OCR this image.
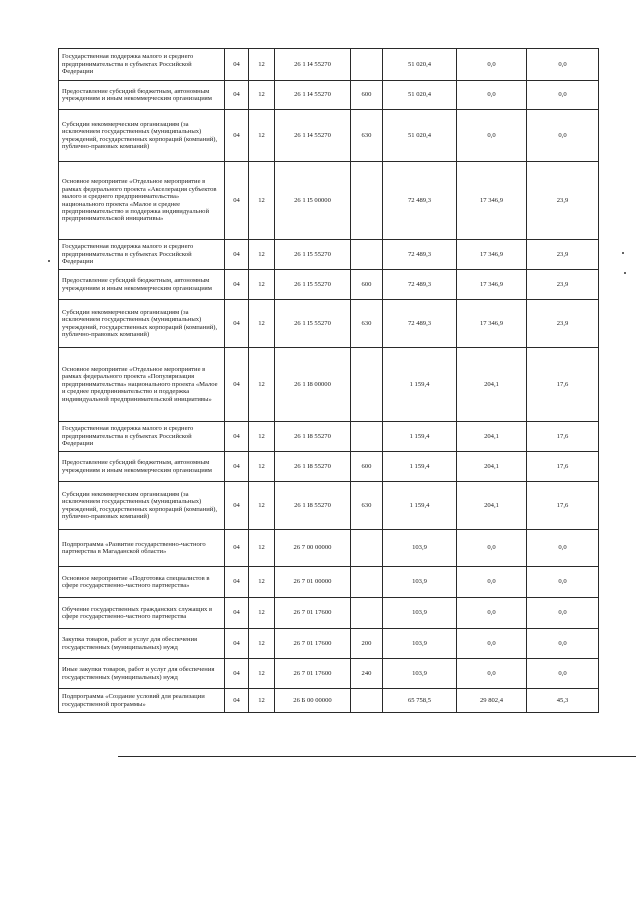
Государственная поддержка малого и среднего предпринимательства в субъектах Российской Федерации	04	12	26 1 I4 55270		51 020,4	0,0	0,0
Предоставление субсидий бюджетным, автономным учреждениям и иным некоммерческим организациям	04	12	26 1 I4 55270	600	51 020,4	0,0	0,0
Субсидии некоммерческим организациям (за исключением государственных (муниципальных) учреждений, государственных корпораций (компаний), публично-правовых компаний)	04	12	26 1 I4 55270	630	51 020,4	0,0	0,0
Основное мероприятие «Отдельное мероприятие в рамках федерального проекта «Акселерация субъектов малого и среднего предпринимательства» национального проекта «Малое и среднее предпринимательство и поддержка индивидуальной предпринимательской инициативы»	04	12	26 1 I5 00000		72 489,3	17 346,9	23,9
Государственная поддержка малого и среднего предпринимательства в субъектах Российской Федерации	04	12	26 1 I5 55270		72 489,3	17 346,9	23,9
Предоставление субсидий бюджетным, автономным учреждениям и иным некоммерческим организациям	04	12	26 1 I5 55270	600	72 489,3	17 346,9	23,9
Субсидии некоммерческим организациям (за исключением государственных (муниципальных) учреждений, государственных корпораций (компаний), публично-правовых компаний)	04	12	26 1 I5 55270	630	72 489,3	17 346,9	23,9
Основное мероприятие «Отдельное мероприятие в рамках федерального проекта «Популяризация предпринимательства» национального проекта «Малое и среднее предпринимательство и поддержка индивидуальной предпринимательской инициативы»	04	12	26 1 I8 00000		1 159,4	204,1	17,6
Государственная поддержка малого и среднего предпринимательства в субъектах Российской Федерации	04	12	26 1 I8 55270		1 159,4	204,1	17,6
Предоставление субсидий бюджетным, автономным учреждениям и иным некоммерческим организациям	04	12	26 1 I8 55270	600	1 159,4	204,1	17,6
Субсидии некоммерческим организациям (за исключением государственных (муниципальных) учреждений, государственных корпораций (компаний), публично-правовых компаний)	04	12	26 1 I8 55270	630	1 159,4	204,1	17,6
Подпрограмма «Развитие государственно-частного партнерства в Магаданской области»	04	12	26 7 00 00000		103,9	0,0	0,0
Основное мероприятие «Подготовка специалистов в сфере государственно-частного партнерства»	04	12	26 7 01 00000		103,9	0,0	0,0
Обучение государственных гражданских служащих в сфере государственно-частного партнерства	04	12	26 7 01 17600		103,9	0,0	0,0
Закупка товаров, работ и услуг для обеспечения государственных (муниципальных) нужд	04	12	26 7 01 17600	200	103,9	0,0	0,0
Иные закупки товаров, работ и услуг для обеспечения государственных (муниципальных) нужд	04	12	26 7 01 17600	240	103,9	0,0	0,0
Подпрограмма «Создание условий для реализации государственной программы»	04	12	26 Б 00 00000		65 758,5	29 802,4	45,3
